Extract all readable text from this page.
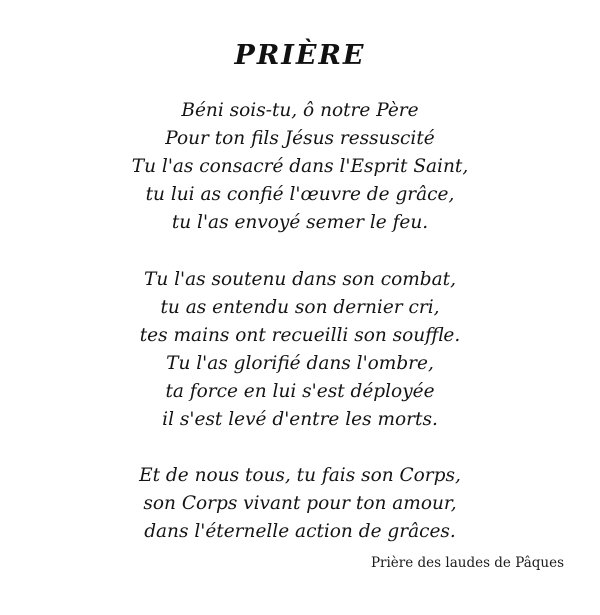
PRIÈRE
Béni sois-tu, ô notre Père
Pour ton fils Jésus ressuscité
Tu l'as consacré dans l'Esprit Saint,
tu lui as confié l'œuvre de grâce,
tu l'as envoyé semer le feu.
Tu l'as soutenu dans son combat,
tu as entendu son dernier cri,
tes mains ont recueilli son souffle.
Tu l'as glorifié dans l'ombre,
ta force en lui s'est déployée
il s'est levé d'entre les morts.
Et de nous tous, tu fais son Corps,
son Corps vivant pour ton amour,
dans l'éternelle action de grâces.
Prière des laudes de Pâques
